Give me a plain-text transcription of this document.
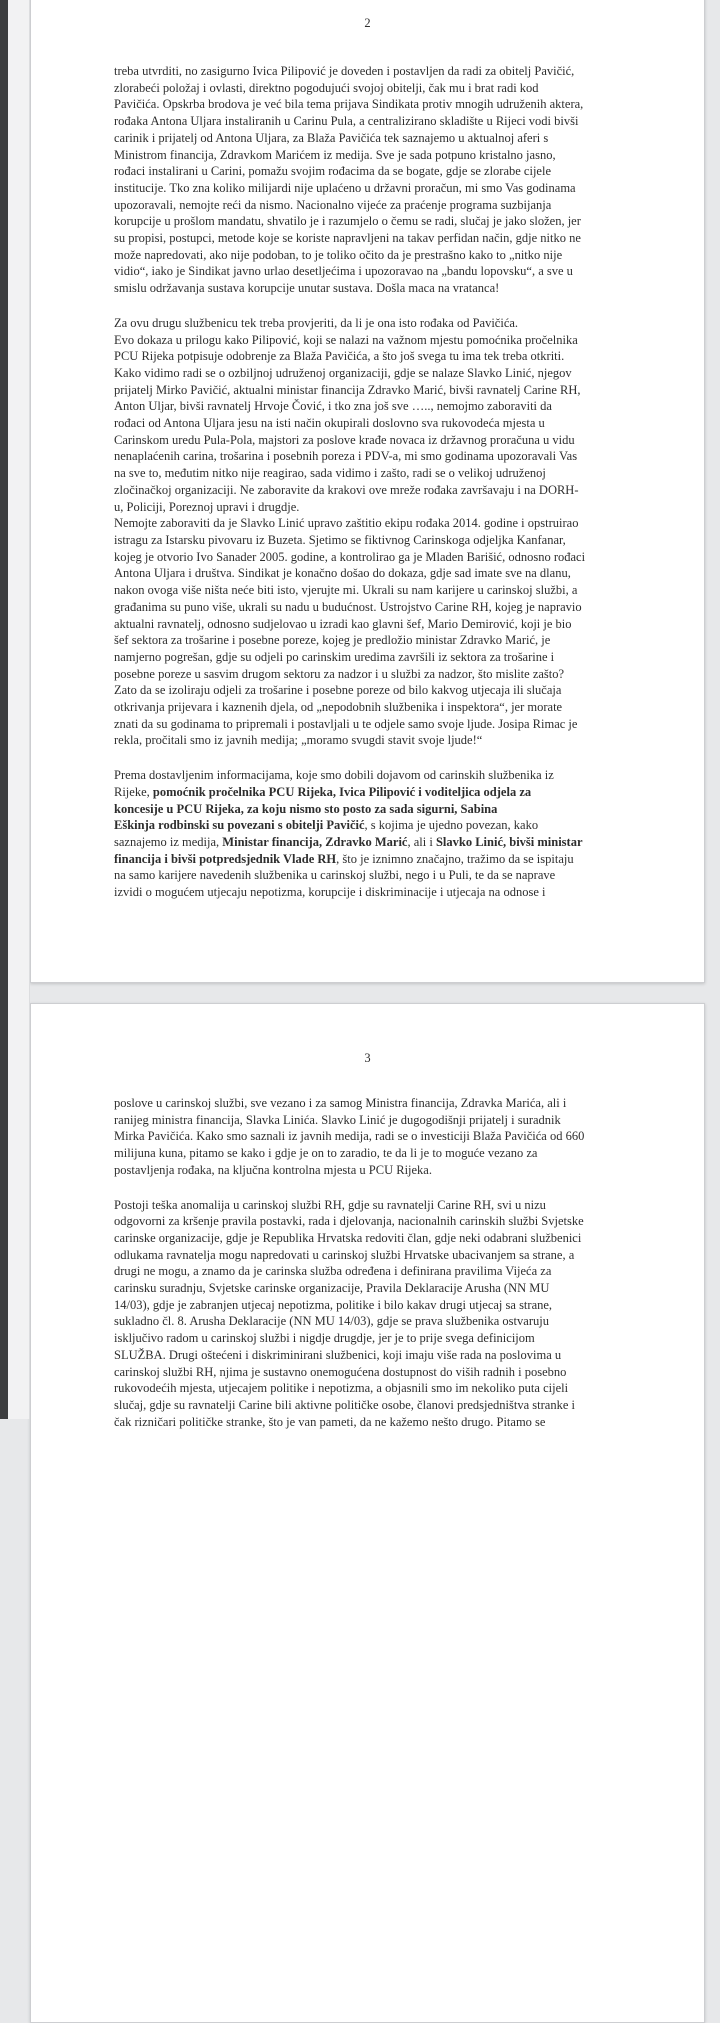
2
treba utvrditi, no zasigurno Ivica Pilipović je doveden i postavljen da radi za obitelj Pavičić,
zlorabeći položaj i ovlasti, direktno pogodujući svojoj obitelji, čak mu i brat radi kod
Pavičića. Opskrba brodova je već bila tema prijava Sindikata protiv mnogih udruženih aktera,
rođaka Antona Uljara instaliranih u Carinu Pula, a centralizirano skladište u Rijeci vodi bivši
carinik i prijatelj od Antona Uljara, za Blaža Pavičića tek saznajemo u aktualnoj aferi s
Ministrom financija, Zdravkom Marićem iz medija. Sve je sada potpuno kristalno jasno,
rođaci instalirani u Carini, pomažu svojim rođacima da se bogate, gdje se zlorabe cijele
institucije. Tko zna koliko milijardi nije uplaćeno u državni proračun, mi smo Vas godinama
upozoravali, nemojte reći da nismo. Nacionalno vijeće za praćenje programa suzbijanja
korupcije u prošlom mandatu, shvatilo je i razumjelo o čemu se radi, slučaj je jako složen, jer
su propisi, postupci, metode koje se koriste napravljeni na takav perfidan način, gdje nitko ne
može napredovati, ako nije podoban, to je toliko očito da je prestrašno kako to „nitko nije
vidio“, iako je Sindikat javno urlao desetljećima i upozoravao na „bandu lopovsku“, a sve u
smislu održavanja sustava korupcije unutar sustava. Došla maca na vratanca!
Za ovu drugu službenicu tek treba provjeriti, da li je ona isto rođaka od Pavičića.
Evo dokaza u prilogu kako Pilipović, koji se nalazi na važnom mjestu pomoćnika pročelnika
PCU Rijeka potpisuje odobrenje za Blaža Pavičića, a što još svega tu ima tek treba otkriti.
Kako vidimo radi se o ozbiljnoj udruženoj organizaciji, gdje se nalaze Slavko Linić, njegov
prijatelj Mirko Pavičić, aktualni ministar financija Zdravko Marić, bivši ravnatelj Carine RH,
Anton Uljar, bivši ravnatelj Hrvoje Čović, i tko zna još sve ….., nemojmo zaboraviti da
rođaci od Antona Uljara jesu na isti način okupirali doslovno sva rukovodeća mjesta u
Carinskom uredu Pula-Pola, majstori za poslove krađe novaca iz državnog proračuna u vidu
nenaplaćenih carina, trošarina i posebnih poreza i PDV-a, mi smo godinama upozoravali Vas
na sve to, međutim nitko nije reagirao, sada vidimo i zašto, radi se o velikoj udruženoj
zločinačkoj organizaciji. Ne zaboravite da krakovi ove mreže rođaka završavaju i na DORH-
u, Policiji, Poreznoj upravi i drugdje.
Nemojte zaboraviti da je Slavko Linić upravo zaštitio ekipu rođaka 2014. godine i opstruirao
istragu za Istarsku pivovaru iz Buzeta. Sjetimo se fiktivnog Carinskoga odjeljka Kanfanar,
kojeg je otvorio Ivo Sanader 2005. godine, a kontrolirao ga je Mladen Barišić, odnosno rođaci
Antona Uljara i društva. Sindikat je konačno došao do dokaza, gdje sad imate sve na dlanu,
nakon ovoga više ništa neće biti isto, vjerujte mi. Ukrali su nam karijere u carinskoj službi, a
građanima su puno više, ukrali su nadu u budućnost. Ustrojstvo Carine RH, kojeg je napravio
aktualni ravnatelj, odnosno sudjelovao u izradi kao glavni šef, Mario Demirović, koji je bio
šef sektora za trošarine i posebne poreze, kojeg je predložio ministar Zdravko Marić, je
namjerno pogrešan, gdje su odjeli po carinskim uredima završili iz sektora za trošarine i
posebne poreze u sasvim drugom sektoru za nadzor i u službi za nadzor, što mislite zašto?
Zato da se izoliraju odjeli za trošarine i posebne poreze od bilo kakvog utjecaja ili slučaja
otkrivanja prijevara i kaznenih djela, od „nepodobnih službenika i inspektora“, jer morate
znati da su godinama to pripremali i postavljali u te odjele samo svoje ljude. Josipa Rimac je
rekla, pročitali smo iz javnih medija; „moramo svugdi stavit svoje ljude!“
Prema dostavljenim informacijama, koje smo dobili dojavom od carinskih službenika iz
Rijeke, pomoćnik pročelnika PCU Rijeka, Ivica Pilipović i voditeljica odjela za
koncesije u PCU Rijeka, za koju nismo sto posto za sada sigurni, Sabina
Eškinja rodbinski su povezani s obitelji Pavičić, s kojima je ujedno povezan, kako
saznajemo iz medija, Ministar financija, Zdravko Marić, ali i Slavko Linić, bivši ministar
financija i bivši potpredsjednik Vlade RH, što je iznimno značajno, tražimo da se ispitaju
na samo karijere navedenih službenika u carinskoj službi, nego i u Puli, te da se naprave
izvidi o mogućem utjecaju nepotizma, korupcije i diskriminacije i utjecaja na odnose i
3
poslove u carinskoj službi, sve vezano i za samog Ministra financija, Zdravka Marića, ali i
ranijeg ministra financija, Slavka Linića. Slavko Linić je dugogodišnji prijatelj i suradnik
Mirka Pavičića. Kako smo saznali iz javnih medija, radi se o investiciji Blaža Pavičića od 660
milijuna kuna, pitamo se kako i gdje je on to zaradio, te da li je to moguće vezano za
postavljenja rođaka, na ključna kontrolna mjesta u PCU Rijeka.
Postoji teška anomalija u carinskoj službi RH, gdje su ravnatelji Carine RH, svi u nizu
odgovorni za kršenje pravila postavki, rada i djelovanja, nacionalnih carinskih službi Svjetske
carinske organizacije, gdje je Republika Hrvatska redoviti član, gdje neki odabrani službenici
odlukama ravnatelja mogu napredovati u carinskoj službi Hrvatske ubacivanjem sa strane, a
drugi ne mogu, a znamo da je carinska služba određena i definirana pravilima Vijeća za
carinsku suradnju, Svjetske carinske organizacije, Pravila Deklaracije Arusha (NN MU
14/03), gdje je zabranjen utjecaj nepotizma, politike i bilo kakav drugi utjecaj sa strane,
sukladno čl. 8. Arusha Deklaracije (NN MU 14/03), gdje se prava službenika ostvaruju
isključivo radom u carinskoj službi i nigdje drugdje, jer je to prije svega definicijom
SLUŽBA. Drugi oštećeni i diskriminirani službenici, koji imaju više rada na poslovima u
carinskoj službi RH, njima je sustavno onemogućena dostupnost do viših radnih i posebno
rukovodećih mjesta, utjecajem politike i nepotizma, a objasnili smo im nekoliko puta cijeli
slučaj, gdje su ravnatelji Carine bili aktivne političke osobe, članovi predsjedništva stranke i
čak rizničari političke stranke, što je van pameti, da ne kažemo nešto drugo. Pitamo se
